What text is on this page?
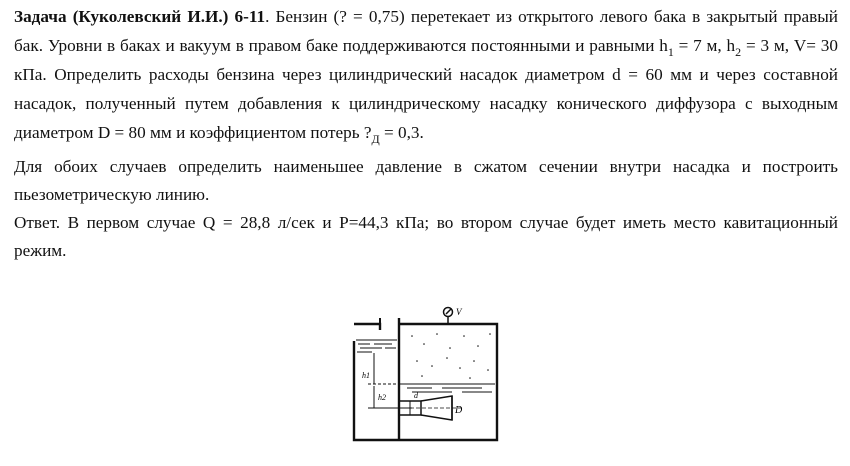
Задача (Куколевский И.И.) 6-11. Бензин (? = 0,75) перетекает из открытого левого бака в закрытый правый бак. Уровни в баках и вакуум в правом баке поддерживаются постоянными и равными $h_1 = 7$ м, $h_2 = 3$ м, V= 30 кПа. Определить расходы бензина через цилиндрический насадок диаметром d = 60 мм и через составной насадок, полученный путем добавления к цилиндрическому насадку конического диффузора с выходным диаметром D = 80 мм и коэффициентом потерь $?_Д = 0,3$.

Для обоих случаев определить наименьшее давление в сжатом сечении внутри насадка и построить пьезометрическую линию.

Ответ. В первом случае Q = 28,8 л/сек и P=44,3 кПа; во втором случае будет иметь место кавитационный режим.

V
h1
h2	d
D
